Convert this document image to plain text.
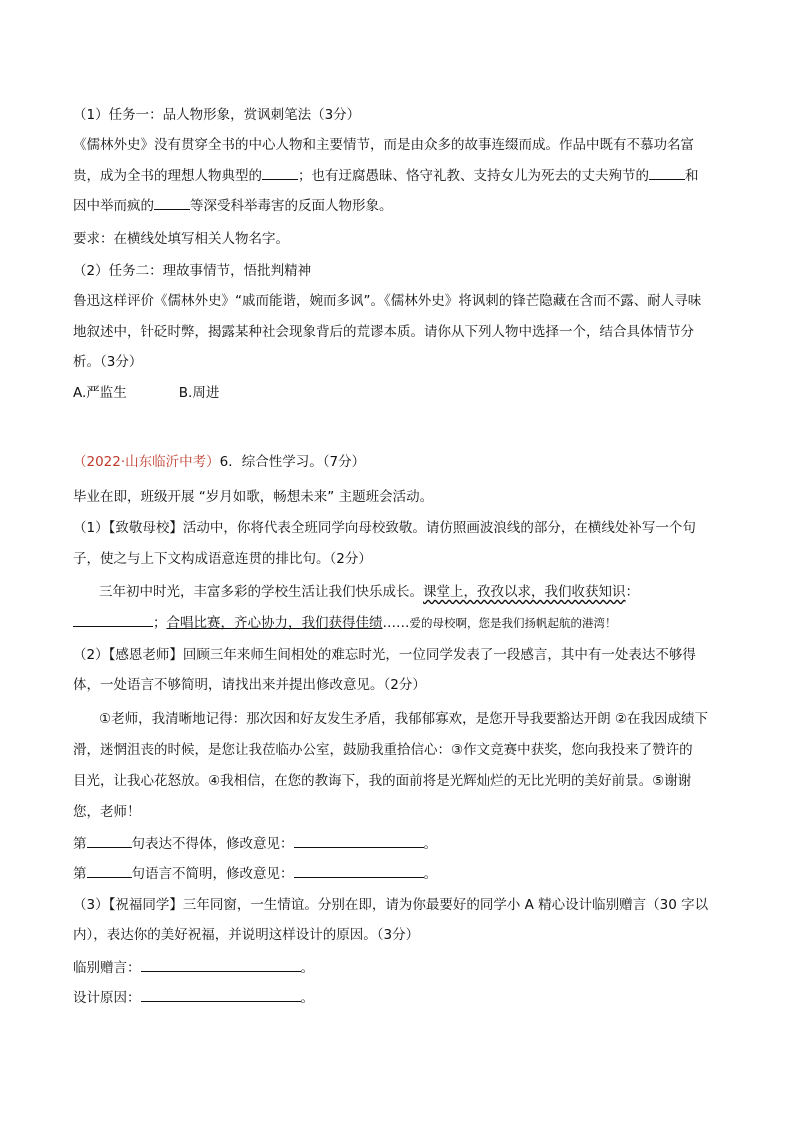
（1）任务一：品人物形象，赏讽刺笔法（3分）

《儒林外史》没有贯穿全书的中心人物和主要情节，而是由众多的故事连缀而成。作品中既有不慕功名富

贵，成为全书的理想人物典型的	；也有迂腐愚昧、恪守礼教、支持女儿为死去的丈夫殉节的	和

因中举而疯的	等深受科举毒害的反面人物形象。

要求：在横线处填写相关人物名字。

（2）任务二：理故事情节，悟批判精神

鲁迅这样评价《儒林外史》“戚而能谐，婉而多讽”。《儒林外史》将讽刺的锋芒隐藏在含而不露、耐人寻味

地叙述中，针砭时弊，揭露某种社会现象背后的荒谬本质。请你从下列人物中选择一个，结合具体情节分

析。（3分）

A.严监生	B.周进

（2022·山东临沂中考）6．综合性学习。（7分）

毕业在即，班级开展 “岁月如歌，畅想未来” 主题班会活动。

（1）【致敬母校】活动中，你将代表全班同学向母校致敬。请仿照画波浪线的部分，在横线处补写一个句

子，使之与上下文构成语意连贯的排比句。（2分）

三年初中时光，丰富多彩的学校生活让我们快乐成长。课堂上，孜孜以求，我们收获知识：

；合唱比赛，齐心协力，我们获得佳绩……爱的母校啊，您是我们扬帆起航的港湾！

（2）【感恩老师】回顾三年来师生间相处的难忘时光，一位同学发表了一段感言，其中有一处表达不够得

体，一处语言不够简明，请找出来并提出修改意见。（2分）

①老师，我清晰地记得：那次因和好友发生矛盾，我郁郁寡欢，是您开导我要豁达开朗 ②在我因成绩下

滑，迷惘沮丧的时候，是您让我莅临办公室，鼓励我重拾信心：③作文竞赛中获奖，您向我投来了赞许的

目光，让我心花怒放。④我相信，在您的教诲下，我的面前将是光辉灿烂的无比光明的美好前景。⑤谢谢

您，老师！

第	句表达不得体，修改意见：	。

第	句语言不简明，修改意见：	。

（3）【祝福同学】三年同窗，一生情谊。分别在即，请为你最要好的同学小 A 精心设计临别赠言（30 字以

内），表达你的美好祝福，并说明这样设计的原因。（3分）

临别赠言：	。

设计原因：	。
